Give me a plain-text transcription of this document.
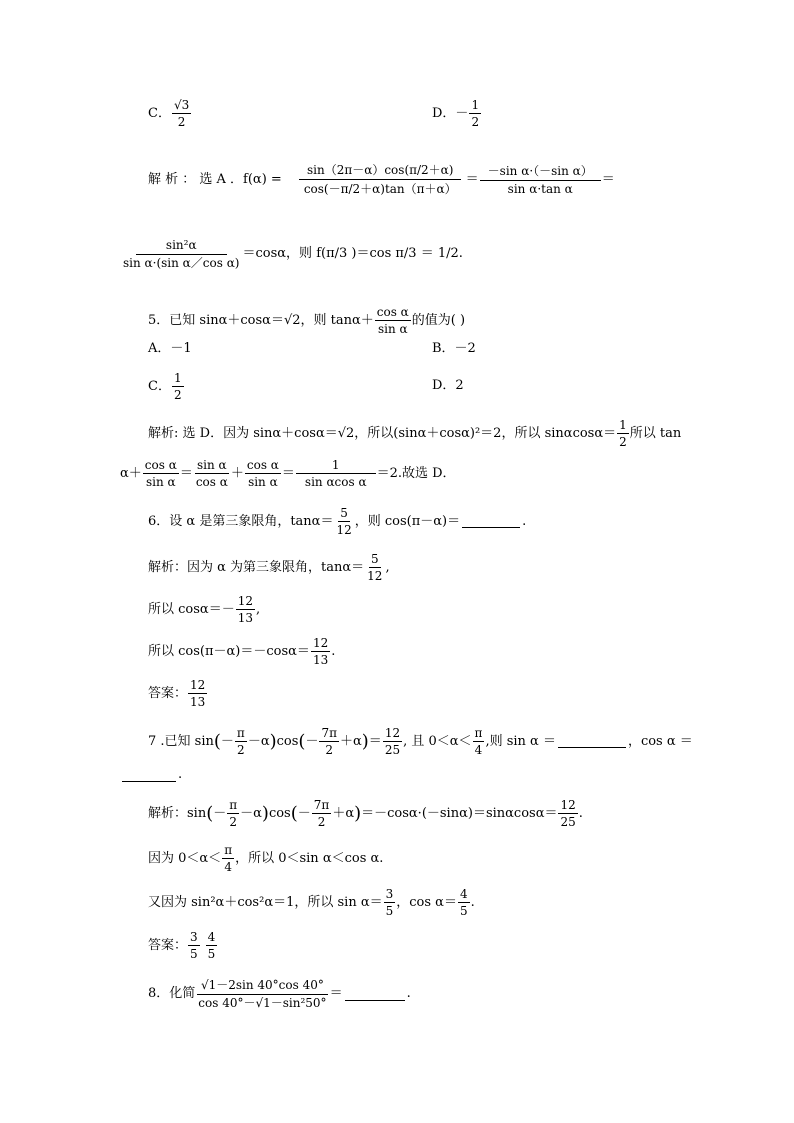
C． $\frac{√3}{2}$	D．－ $\frac{1}{2}$
解 析 ： 选 A ．$f(\alpha) = \frac{\sin(2\pi-\alpha)\cos(\pi/2+\alpha)}{\cos(-\pi/2+\alpha)\tan(\pi+\alpha)} = \frac{\text{－sin α·（－sin α）}}{\text{sin α·tan α}}$ ＝
$\frac{\text{sin²α}}{\text{sin α·(sin α／cos α)}} =\cos\alpha$，则 f(π/3 )＝cos π/3 ＝ 1/2.
5．已知 sinα＋cosα＝√2，则 $\tan\alpha+ \frac{\text{cos α}}{\text{sin α}}$ 的值为( )
A．－1	B．－2
C． $\frac{1}{2}$	D．2
解析: 选 D．因为 sinα＋cosα＝√2，所以(sinα＋cosα)²＝2，所以 $\sin\alpha\cos\alpha= \frac{1}{2}$ 所以 tan
$\alpha+ \frac{\text{cos α}}{\text{sin α}} = \frac{\text{sin α}}{\text{cos α}} + \frac{\text{cos α}}{\text{sin α}} = \frac{1}{\text{sin αcos α}} =2$.故选 D．
6．设 α 是第三象限角，$\tan\alpha= \frac{5}{12}$ ，则 cos(π－α)＝	.
解析：因为 α 为第三象限角，$\tan\alpha= \frac{5}{12}$ ,
所以 $\cos\alpha=- \frac{12}{13}$ ,
所以 $\cos(\pi-\alpha)=-\cos\alpha= \frac{12}{13}$ .
答案： $\frac{12}{13}$
7 .已知 sin ( － $\frac{\pi}{2} -\alpha$ ) cos ( － $\frac{7\pi}{2} +\alpha$ ) ＝ $\frac{12}{25}$ , 且 $0<\alpha< \frac{\pi}{4}$ ,则 sin α ＝	，cos α ＝
.
解析：sin ( － $\frac{\pi}{2} -\alpha$ ) cos ( － $\frac{7\pi}{2} +\alpha$ ) $=-\cos\alpha\cdot(-\sin\alpha)=\sin\alpha\cos\alpha= \frac{12}{25}$ .
因为 $0<\alpha< \frac{\pi}{4}$ ，所以 0＜sin α＜cos α.
又因为 sin²α＋cos²α＝1，所以 $\sin \alpha= \frac{3}{5}$ ，$\cos \alpha= \frac{4}{5}$ .
答案： $\frac{3}{5} \frac{4}{5}$
8．化简 $\frac{√1-2\sin 40^\circ\cos 40^\circ}{\text{cos 40°－√1－sin²50°}}$ ＝	.
